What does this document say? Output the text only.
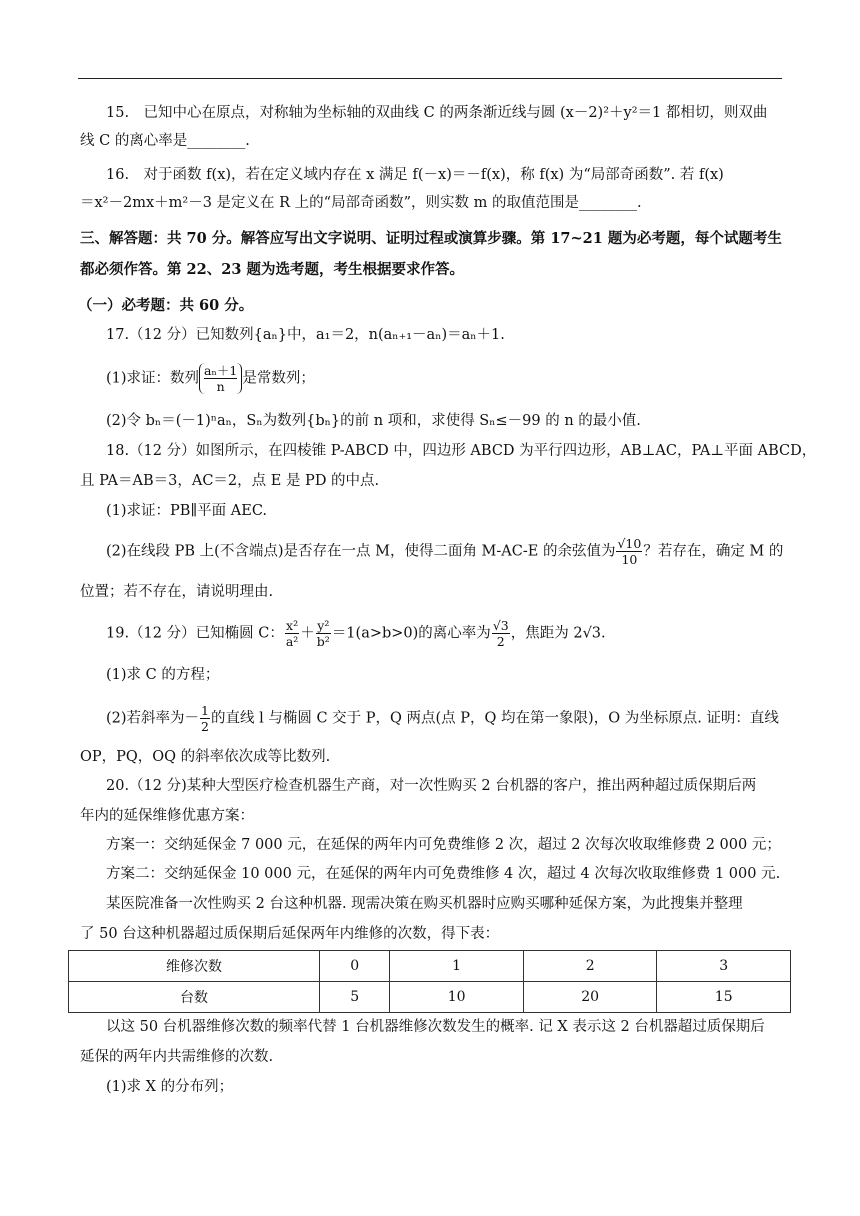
15.　已知中心在原点，对称轴为坐标轴的双曲线 C 的两条渐近线与圆 (x－2)²＋y²＝1 都相切，则双曲
线 C 的离心率是________.
16.　对于函数 f(x)，若在定义域内存在 x 满足 f(－x)＝－f(x)，称 f(x) 为“局部奇函数”. 若 f(x)
＝x²－2mx＋m²－3 是定义在 R 上的“局部奇函数”，则实数 m 的取值范围是________.
三、解答题：共 70 分。解答应写出文字说明、证明过程或演算步骤。第 17~21 题为必考题，每个试题考生
都必须作答。第 22、23 题为选考题，考生根据要求作答。
（一）必考题：共 60 分。
17.（12 分）已知数列{aₙ}中，a₁＝2，n(aₙ₊₁－aₙ)＝aₙ＋1.
(1)求证：数列 $\frac{\text{aₙ＋1}}{n}$ 是常数列；
(2)令 bₙ＝(－1)ⁿaₙ，Sₙ为数列{bₙ}的前 n 项和，求使得 Sₙ≤－99 的 n 的最小值.
18.（12 分）如图所示，在四棱锥 P-ABCD 中，四边形 ABCD 为平行四边形，AB⊥AC，PA⊥平面 ABCD，
且 PA＝AB＝3，AC＝2，点 E 是 PD 的中点.
(1)求证：PB∥平面 AEC.
(2)在线段 PB 上(不含端点)是否存在一点 M，使得二面角 M-AC-E 的余弦值为 $\frac{√10}{10}$ ？若存在，确定 M 的
位置；若不存在，请说明理由.
19.（12 分）已知椭圆 C： $\frac{\text{x²}}{\text{a²}} + \frac{\text{y²}}{\text{b²}} =1(a>b>0)$的离心率为 $\frac{√3}{2}$ ，焦距为 2√3.
(1)求 C 的方程；
(2)若斜率为－ $\frac{1}{2}$ 的直线 l 与椭圆 C 交于 P，Q 两点(点 P，Q 均在第一象限)，O 为坐标原点. 证明：直线
OP，PQ，OQ 的斜率依次成等比数列.
20.（12 分)某种大型医疗检查机器生产商，对一次性购买 2 台机器的客户，推出两种超过质保期后两
年内的延保维修优惠方案：
方案一：交纳延保金 7 000 元，在延保的两年内可免费维修 2 次，超过 2 次每次收取维修费 2 000 元；
方案二：交纳延保金 10 000 元，在延保的两年内可免费维修 4 次，超过 4 次每次收取维修费 1 000 元.
某医院准备一次性购买 2 台这种机器. 现需决策在购买机器时应购买哪种延保方案，为此搜集并整理
了 50 台这种机器超过质保期后延保两年内维修的次数，得下表：
维修次数	0	1	2	3
台数	5	10	20	15
以这 50 台机器维修次数的频率代替 1 台机器维修次数发生的概率. 记 X 表示这 2 台机器超过质保期后
延保的两年内共需维修的次数.
(1)求 X 的分布列；
